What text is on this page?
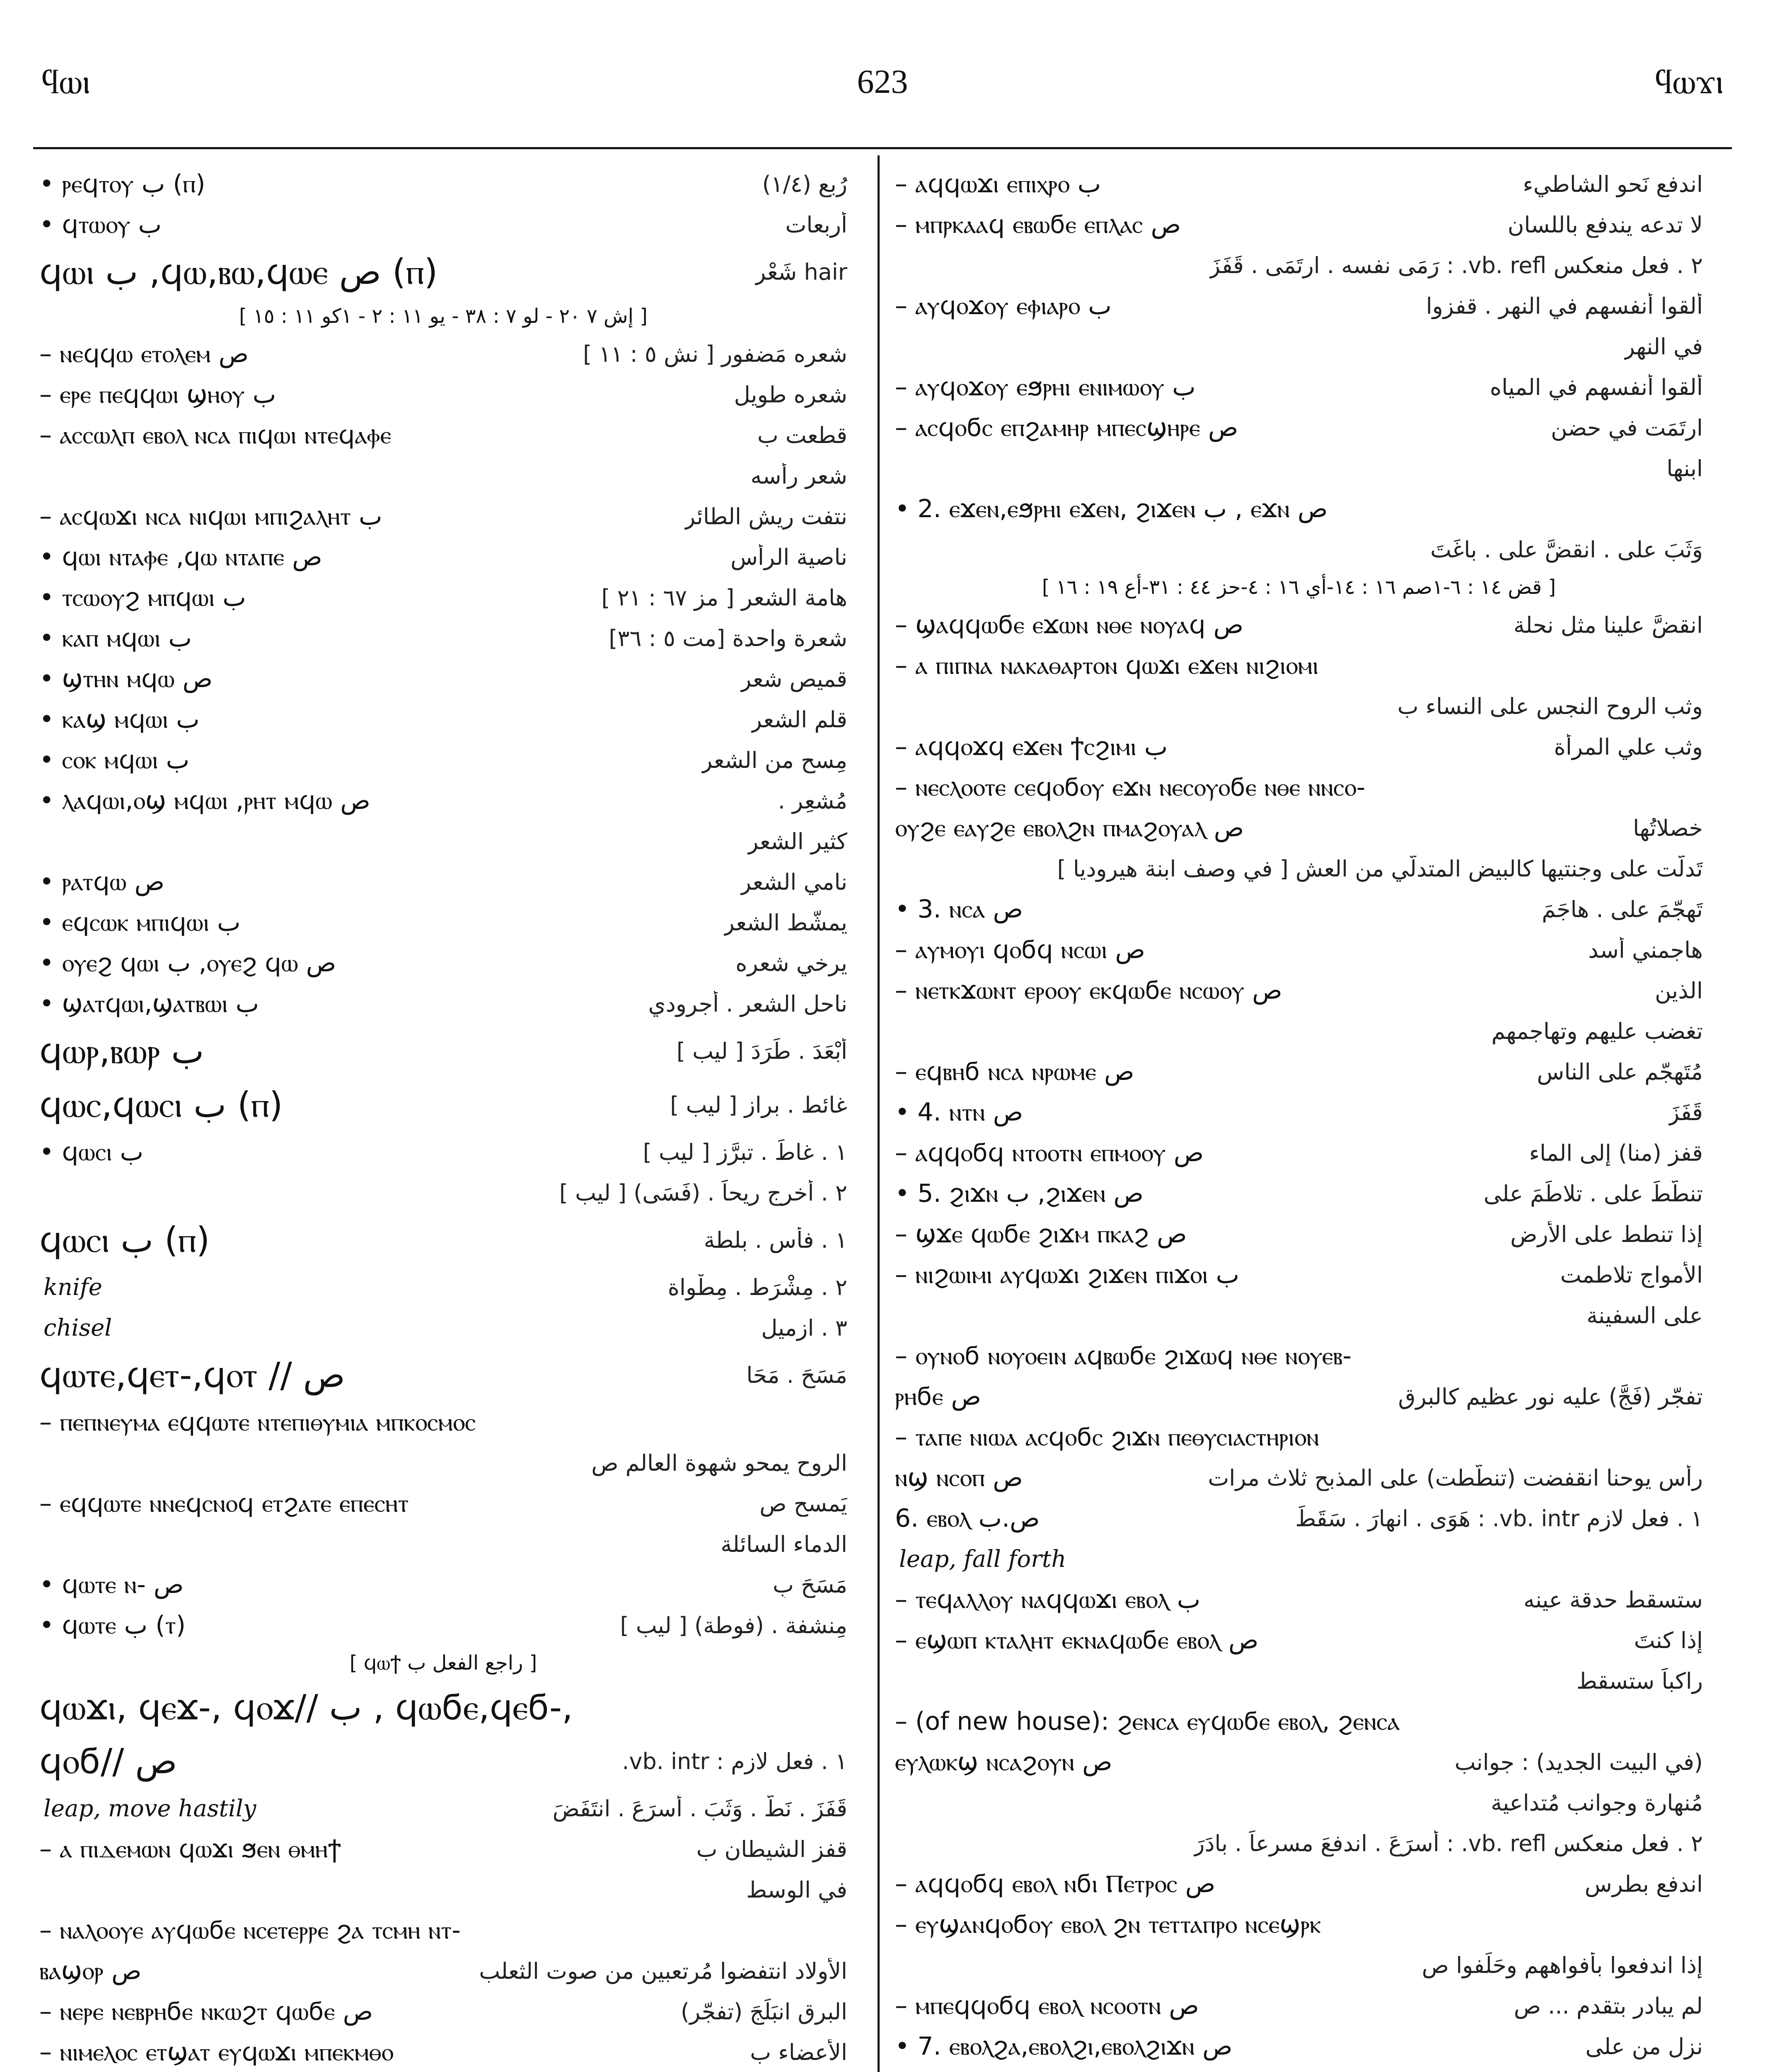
ϥⲱⲓ	623	ϥⲱϫⲓ
• ⲣⲉϥⲧⲟⲩ ب (ⲡ)	رُبع (١/٤)
• ϥⲧⲱⲟⲩ ب	أربعات
ϥⲱⲓ ب ,ϥⲱ,ⲃⲱ,ϥⲱⲉ ص (ⲡ)	hair شَعْر
[ إش ٧ ٢٠ - لو ٧ : ٣٨ - يو ١١ : ٢ - ١كو ١١ : ١٥ ]
– ⲛⲉϥϥⲱ ⲉⲧⲟⲗⲉⲙ ص	شعره مَضفور [ نش ٥ : ١١ ]
– ⲉⲣⲉ ⲡⲉϥϥⲱⲓ ϣⲏⲟⲩ ب	شعره طويل
– ⲁⲥⲥⲱⲗⲡ ⲉⲃⲟⲗ ⲛⲥⲁ ⲡⲓϥⲱⲓ ⲛⲧⲉϥⲁⲫⲉ	قطعت ب
شعر رأسه
– ⲁⲥϥⲱϫⲓ ⲛⲥⲁ ⲛⲓϥⲱⲓ ⲙⲡⲓϩⲁⲗⲏⲧ ب	نتفت ريش الطائر
• ϥⲱⲓ ⲛⲧⲁⲫⲉ ,ϥⲱ ⲛⲧⲁⲡⲉ ص	ناصية الرأس
• ⲧⲥⲱⲟⲩϩ ⲙⲡϥⲱⲓ ب	هامة الشعر [ مز ٦٧ : ٢١ ]
• ⲕⲁⲡ ⲙϥⲱⲓ ب	شعرة واحدة [مت ٥ : ٣٦]
• ϣⲧⲏⲛ ⲙϥⲱ ص	قميص شعر
• ⲕⲁϣ ⲙϥⲱⲓ ب	قلم الشعر
• ⲥⲟⲕ ⲙϥⲱⲓ ب	مِسح من الشعر
• ⲗⲁϥⲱⲓ,ⲟϣ ⲙϥⲱⲓ ,ⲣⲏⲧ ⲙϥⲱ ص	مُشعِر .
كثير الشعر
• ⲣⲁⲧϥⲱ ص	نامي الشعر
• ⲉϥⲥⲱⲕ ⲙⲡⲓϥⲱⲓ ب	يمشّط الشعر
• ⲟⲩⲉϩ ϥⲱⲓ ب ,ⲟⲩⲉϩ ϥⲱ ص	يرخي شعره
• ϣⲁⲧϥⲱⲓ,ϣⲁⲧⲃⲱⲓ ب	ناحل الشعر . أجرودي
ϥⲱⲣ,ⲃⲱⲣ ب	أبْعَدَ . طَرَدَ [ ليب ]
ϥⲱⲥ,ϥⲱⲥⲓ ب (ⲡ)	غائط . براز [ ليب ]
• ϥⲱⲥⲓ ب	١ . غاطَ . تبرَّز [ ليب ]
٢ . أخرج ريحاً . (فَسَى) [ ليب ]
ϥⲱⲥⲓ ب (ⲡ)	١ . فأس . بلطة
knife	٢ . مِشْرَط . مِطْواة
chisel	٣ . ازميل
ϥⲱⲧⲉ,ϥⲉⲧ-,ϥⲟⲧ // ص	مَسَحَ . مَحَا
– ⲡⲉⲡⲛⲉⲩⲙⲁ ⲉϥϥⲱⲧⲉ ⲛⲧⲉⲡⲓⲑⲩⲙⲓⲁ ⲙⲡⲕⲟⲥⲙⲟⲥ
الروح يمحو شهوة العالم ص
– ⲉϥϥⲱⲧⲉ ⲛⲛⲉϥⲥⲛⲟϥ ⲉⲧϩⲁⲧⲉ ⲉⲡⲉⲥⲏⲧ	يَمسح ص
الدماء السائلة
• ϥⲱⲧⲉ ⲛ- ص	مَسَحَ بِ
• ϥⲱⲧⲉ ب (ⲧ)	مِنشفة . (فوطة) [ ليب ]
[ راجع الفعل ب ϥⲱϯ ]
ϥⲱϫⲓ, ϥⲉϫ-, ϥⲟϫ// ب , ϥⲱϭⲉ,ϥⲉϭ-,
ϥⲟϭ// ص	١ . فعل لازم : vb. intr.
leap, move hastily	قَفَزَ . نَطَّ . وَثَبَ . أسرَعَ . انتَفَضَ
– ⲁ ⲡⲓⲇⲉⲙⲱⲛ ϥⲱϫⲓ ϧⲉⲛ ⲑⲙⲏϯ	قفز الشيطان ب
في الوسط
– ⲛⲁⲗⲟⲟⲩⲉ ⲁⲩϥⲱϭⲉ ⲛⲥⲉⲧⲉⲣⲣⲉ ϩⲁ ⲧⲥⲙⲏ ⲛⲧ-
ⲃⲁϣⲟⲣ ص	الأولاد انتفضوا مُرتعبين من صوت الثعلب
– ⲛⲉⲣⲉ ⲛⲉⲃⲣⲏϭⲉ ⲛⲕⲱϩⲧ ϥⲱϭⲉ ص	البرق انبَلَجَ (تفجّر)
– ⲛⲓⲙⲉⲗⲟⲥ ⲉⲧϣⲁⲧ ⲉⲩϥⲱϫⲓ ⲙⲡⲉⲕⲙⲑⲟ	الأعضاء ب
– ⲁϥϥⲱϫⲓ ⲉⲡⲓⲭⲣⲟ ب	اندفع نَحو الشاطيء
– ⲙⲡⲣⲕⲁⲁϥ ⲉⲃⲱϭⲉ ⲉⲡⲗⲁⲥ ص	لا تدعه يندفع باللسان
٢ . فعل منعكس vb. refl. : رَمَى نفسه . ارتَمَى . قَفَزَ
– ⲁⲩϥⲟϫⲟⲩ ⲉⲫⲓⲁⲣⲟ ب	ألقوا أنفسهم في النهر . قفزوا
في النهر
– ⲁⲩϥⲟϫⲟⲩ ⲉϧⲣⲏⲓ ⲉⲛⲓⲙⲱⲟⲩ ب	ألقوا أنفسهم في المياه
– ⲁⲥϥⲟϭⲥ ⲉⲡϩⲁⲙⲏⲣ ⲙⲡⲉⲥϣⲏⲣⲉ ص	ارتَمَت في حضن
ابنها
• 2. ⲉϫⲉⲛ,ⲉϧⲣⲏⲓ ⲉϫⲉⲛ, ϩⲓϫⲉⲛ ب , ⲉϫⲛ ص
وَثَبَ على . انقضَّ على . باغَتَ
[ قض ١٤ : ٦-١صم ١٦ : ١٤-أي ١٦ : ٤-حز ٤٤ : ٣١-أع ١٩ : ١٦ ]
– ϣⲁϥϥⲱϭⲉ ⲉϫⲱⲛ ⲛⲑⲉ ⲛⲟⲩⲁϥ ص	انقضَّ علينا مثل نحلة
– ⲁ ⲡⲓⲡⲛⲁ ⲛⲁⲕⲁⲑⲁⲣⲧⲟⲛ ϥⲱϫⲓ ⲉϫⲉⲛ ⲛⲓϩⲓⲟⲙⲓ
وثب الروح النجس على النساء ب
– ⲁϥϥⲟϫϥ ⲉϫⲉⲛ ϯⲥϩⲓⲙⲓ ب	وثب علي المرأة
– ⲛⲉⲥⲗⲟⲟⲧⲉ ⲥⲉϥⲟϭⲟⲩ ⲉϫⲛ ⲛⲉⲥⲟⲩⲟϭⲉ ⲛⲑⲉ ⲛⲛⲥⲟ-
ⲟⲩϩⲉ ⲉⲁⲩϩⲉ ⲉⲃⲟⲗϩⲛ ⲡⲙⲁϩⲟⲩⲁⲗ ص	خصلاتُها
تَدلّت على وجنتيها كالبيض المتدلّي من العش [ في وصف ابنة هيروديا ]
• 3. ⲛⲥⲁ ص	تَهجّمَ على . هاجَمَ
– ⲁⲩⲙⲟⲩⲓ ϥⲟϭϥ ⲛⲥⲱⲓ ص	هاجمني أسد
– ⲛⲉⲧⲕϫⲱⲛⲧ ⲉⲣⲟⲟⲩ ⲉⲕϥⲱϭⲉ ⲛⲥⲱⲟⲩ ص	الذين
تغضب عليهم وتهاجمهم
– ⲉϥⲃⲏϭ ⲛⲥⲁ ⲛⲣⲱⲙⲉ ص	مُتَهجّم على الناس
• 4. ⲛⲧⲛ ص	قَفَزَ
– ⲁϥϥⲟϭϥ ⲛⲧⲟⲟⲧⲛ ⲉⲡⲙⲟⲟⲩ ص	قفز (منا) إلى الماء
• 5. ϩⲓϫⲛ ب ,ϩⲓϫⲉⲛ ص	تنطَّطَ على . تلاطَمَ على
– ϣϫⲉ ϥⲱϭⲉ ϩⲓϫⲙ ⲡⲕⲁϩ ص	إذا تنطط على الأرض
– ⲛⲓϩⲱⲓⲙⲓ ⲁⲩϥⲱϫⲓ ϩⲓϫⲉⲛ ⲡⲓϫⲟⲓ ب	الأمواج تلاطمت
على السفينة
– ⲟⲩⲛⲟϭ ⲛⲟⲩⲟⲉⲓⲛ ⲁϥⲃⲱϭⲉ ϩⲓϫⲱϥ ⲛⲑⲉ ⲛⲟⲩⲉⲃ-
ⲣⲏϭⲉ ص	تفجّر (فَجَّ) عليه نور عظيم كالبرق
– ⲧⲁⲡⲉ ⲛⲓⲱⲁ ⲁⲥϥⲟϭⲥ ϩⲓϫⲛ ⲡⲉⲑⲩⲥⲓⲁⲥⲧⲏⲣⲓⲟⲛ
ⲛϣ ⲛⲥⲟⲡ ص	رأس يوحنا انقفضت (تنطّطت) على المذبح ثلاث مرات
6. ⲉⲃⲟⲗ ص.ب	١ . فعل لازم vb. intr. : هَوَى . انهارَ . سَقَطَ
leap, fall forth
– ⲧⲉϥⲁⲗⲗⲟⲩ ⲛⲁϥϥⲱϫⲓ ⲉⲃⲟⲗ ب	ستسقط حدقة عينه
– ⲉϣⲱⲡ ⲕⲧⲁⲗⲏⲧ ⲉⲕⲛⲁϥⲱϭⲉ ⲉⲃⲟⲗ ص	إذا كنتَ
راكباً ستسقط
– (of new house): ϩⲉⲛⲥⲁ ⲉⲩϥⲱϭⲉ ⲉⲃⲟⲗ, ϩⲉⲛⲥⲁ
ⲉⲩⲗⲱⲕϣ ⲛⲥⲁϩⲟⲩⲛ ص	(في البيت الجديد) : جوانب
مُنهارة وجوانب مُتداعية
٢ . فعل منعكس vb. refl. : أسرَعَ . اندفعَ مسرعاً . بادَرَ
– ⲁϥϥⲟϭϥ ⲉⲃⲟⲗ ⲛϭⲓ Ⲡⲉⲧⲣⲟⲥ ص	اندفع بطرس
– ⲉⲩϣⲁⲛϥⲟϭⲟⲩ ⲉⲃⲟⲗ ϩⲛ ⲧⲉⲧⲧⲁⲡⲣⲟ ⲛⲥⲉϣⲣⲕ
إذا اندفعوا بأفواههم وحَلَفوا ص
– ⲙⲡⲉϥϥⲟϭϥ ⲉⲃⲟⲗ ⲛⲥⲟⲟⲧⲛ ص	لم يبادر بتقدم ... ص
• 7. ⲉⲃⲟⲗϩⲁ,ⲉⲃⲟⲗϩⲓ,ⲉⲃⲟⲗϩⲓϫⲛ ص	نزل من على
